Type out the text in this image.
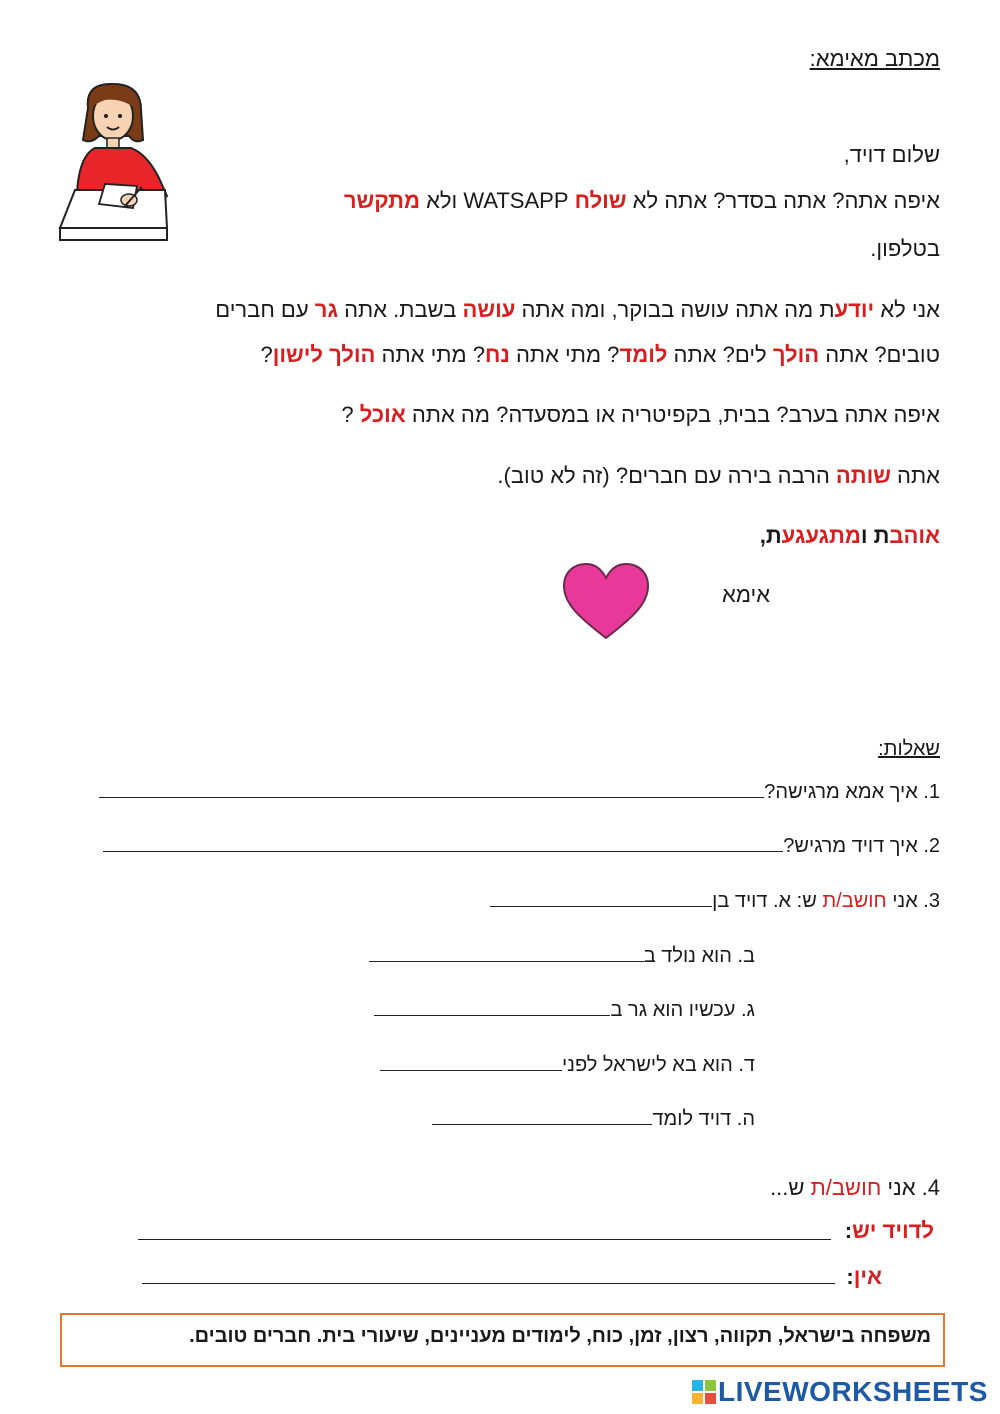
מכתב מאימא:
שלום דויד,
איפה אתה? אתה בסדר? אתה לא שולח WATSAPP ולא מתקשר
בטלפון.
אני לא יודעת מה אתה עושה בבוקר, ומה אתה עושה בשבת. אתה גר עם חברים
טובים? אתה הולך לים? אתה לומד? מתי אתה נח? מתי אתה הולך לישון?
איפה אתה בערב? בבית, בקפיטריה או במסעדה? מה אתה אוכל ?
אתה שותה הרבה בירה עם חברים? (זה לא טוב).
אוהבת ומתגעגעת,
אימא
שאלות:
1. איך אמא מרגישה?
2. איך דויד מרגיש?
3. אני חושב/ת ש: א. דויד בן
ב. הוא נולד ב
ג. עכשיו הוא גר ב
ד. הוא בא לישראל לפני
ה. דויד לומד
4. אני חושב/ת ש...
לדויד יש:
אין:
משפחה בישראל, תקווה, רצון, זמן, כוח, לימודים מעניינים, שיעורי בית. חברים טובים.
LIVEWORKSHEETS
